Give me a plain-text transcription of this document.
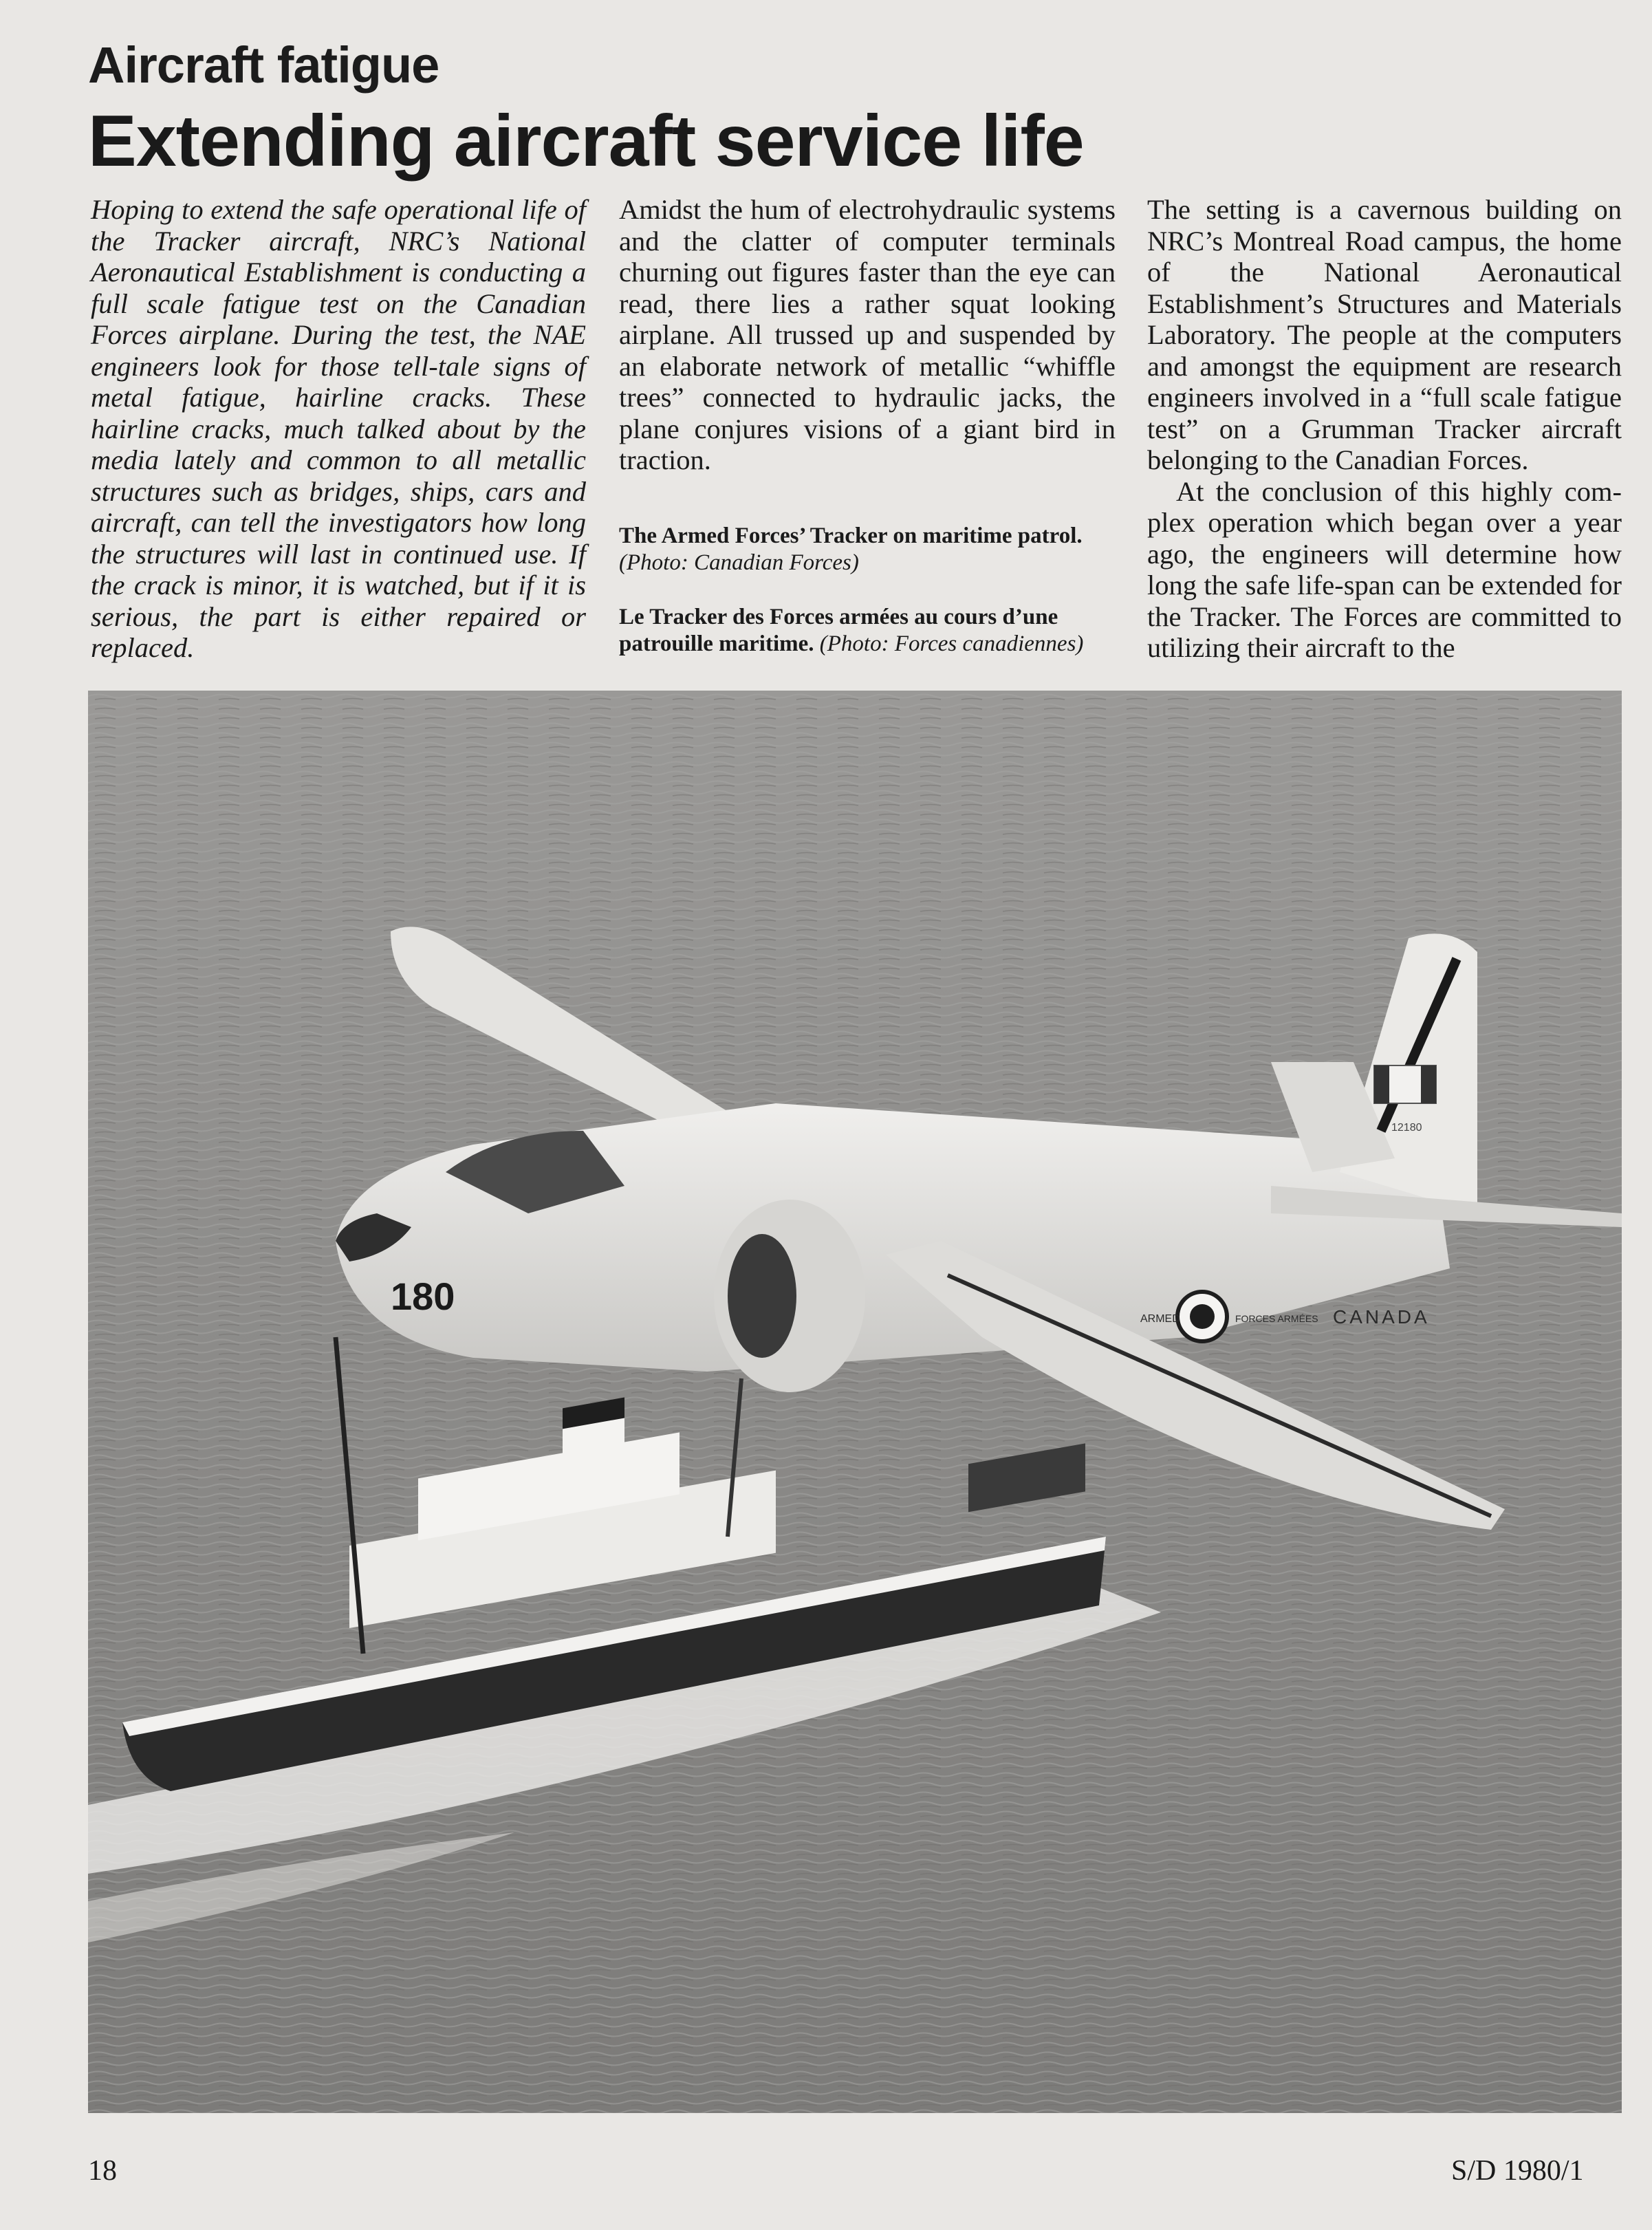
Aircraft fatigue
Extending aircraft service life

Hoping to extend the safe operational life of the Tracker aircraft, NRC’s National Aeronautical Establishment is conducting a full scale fatigue test on the Canadian Forces airplane. During the test, the NAE engineers look for those tell-tale signs of metal fatigue, hairline cracks. These hairline cracks, much talked about by the media lately and common to all metallic structures such as bridges, ships, cars and aircraft, can tell the investigators how long the structures will last in continued use. If the crack is minor, it is watched, but if it is serious, the part is either repaired or replaced.

Amidst the hum of electrohydraulic systems and the clatter of computer terminals churning out figures faster than the eye can read, there lies a rather squat looking airplane. All trussed up and suspended by an elaborate network of metallic “whiffle trees” connected to hydraulic jacks, the plane conjures visions of a giant bird in traction.

The Armed Forces’ Tracker on maritime patrol.
(Photo: Canadian Forces)
Le Tracker des Forces armées au cours d’une patrouille maritime. (Photo: Forces canadiennes)

The setting is a cavernous building on NRC’s Montreal Road campus, the home of the National Aeronautical Establishment’s Structures and Materials Laboratory. The people at the computers and amongst the equipment are research engineers involved in a “full scale fatigue test” on a Grumman Tracker aircraft belonging to the Canadian Forces.

At the conclusion of this highly complex operation which began over a year ago, the engineers will determine how long the safe life-span can be extended for the Tracker. The Forces are committed to utilizing their aircraft to the

180	CANADA
ARMED	FORCES ARMÉES
12180
18	S/D 1980/1
